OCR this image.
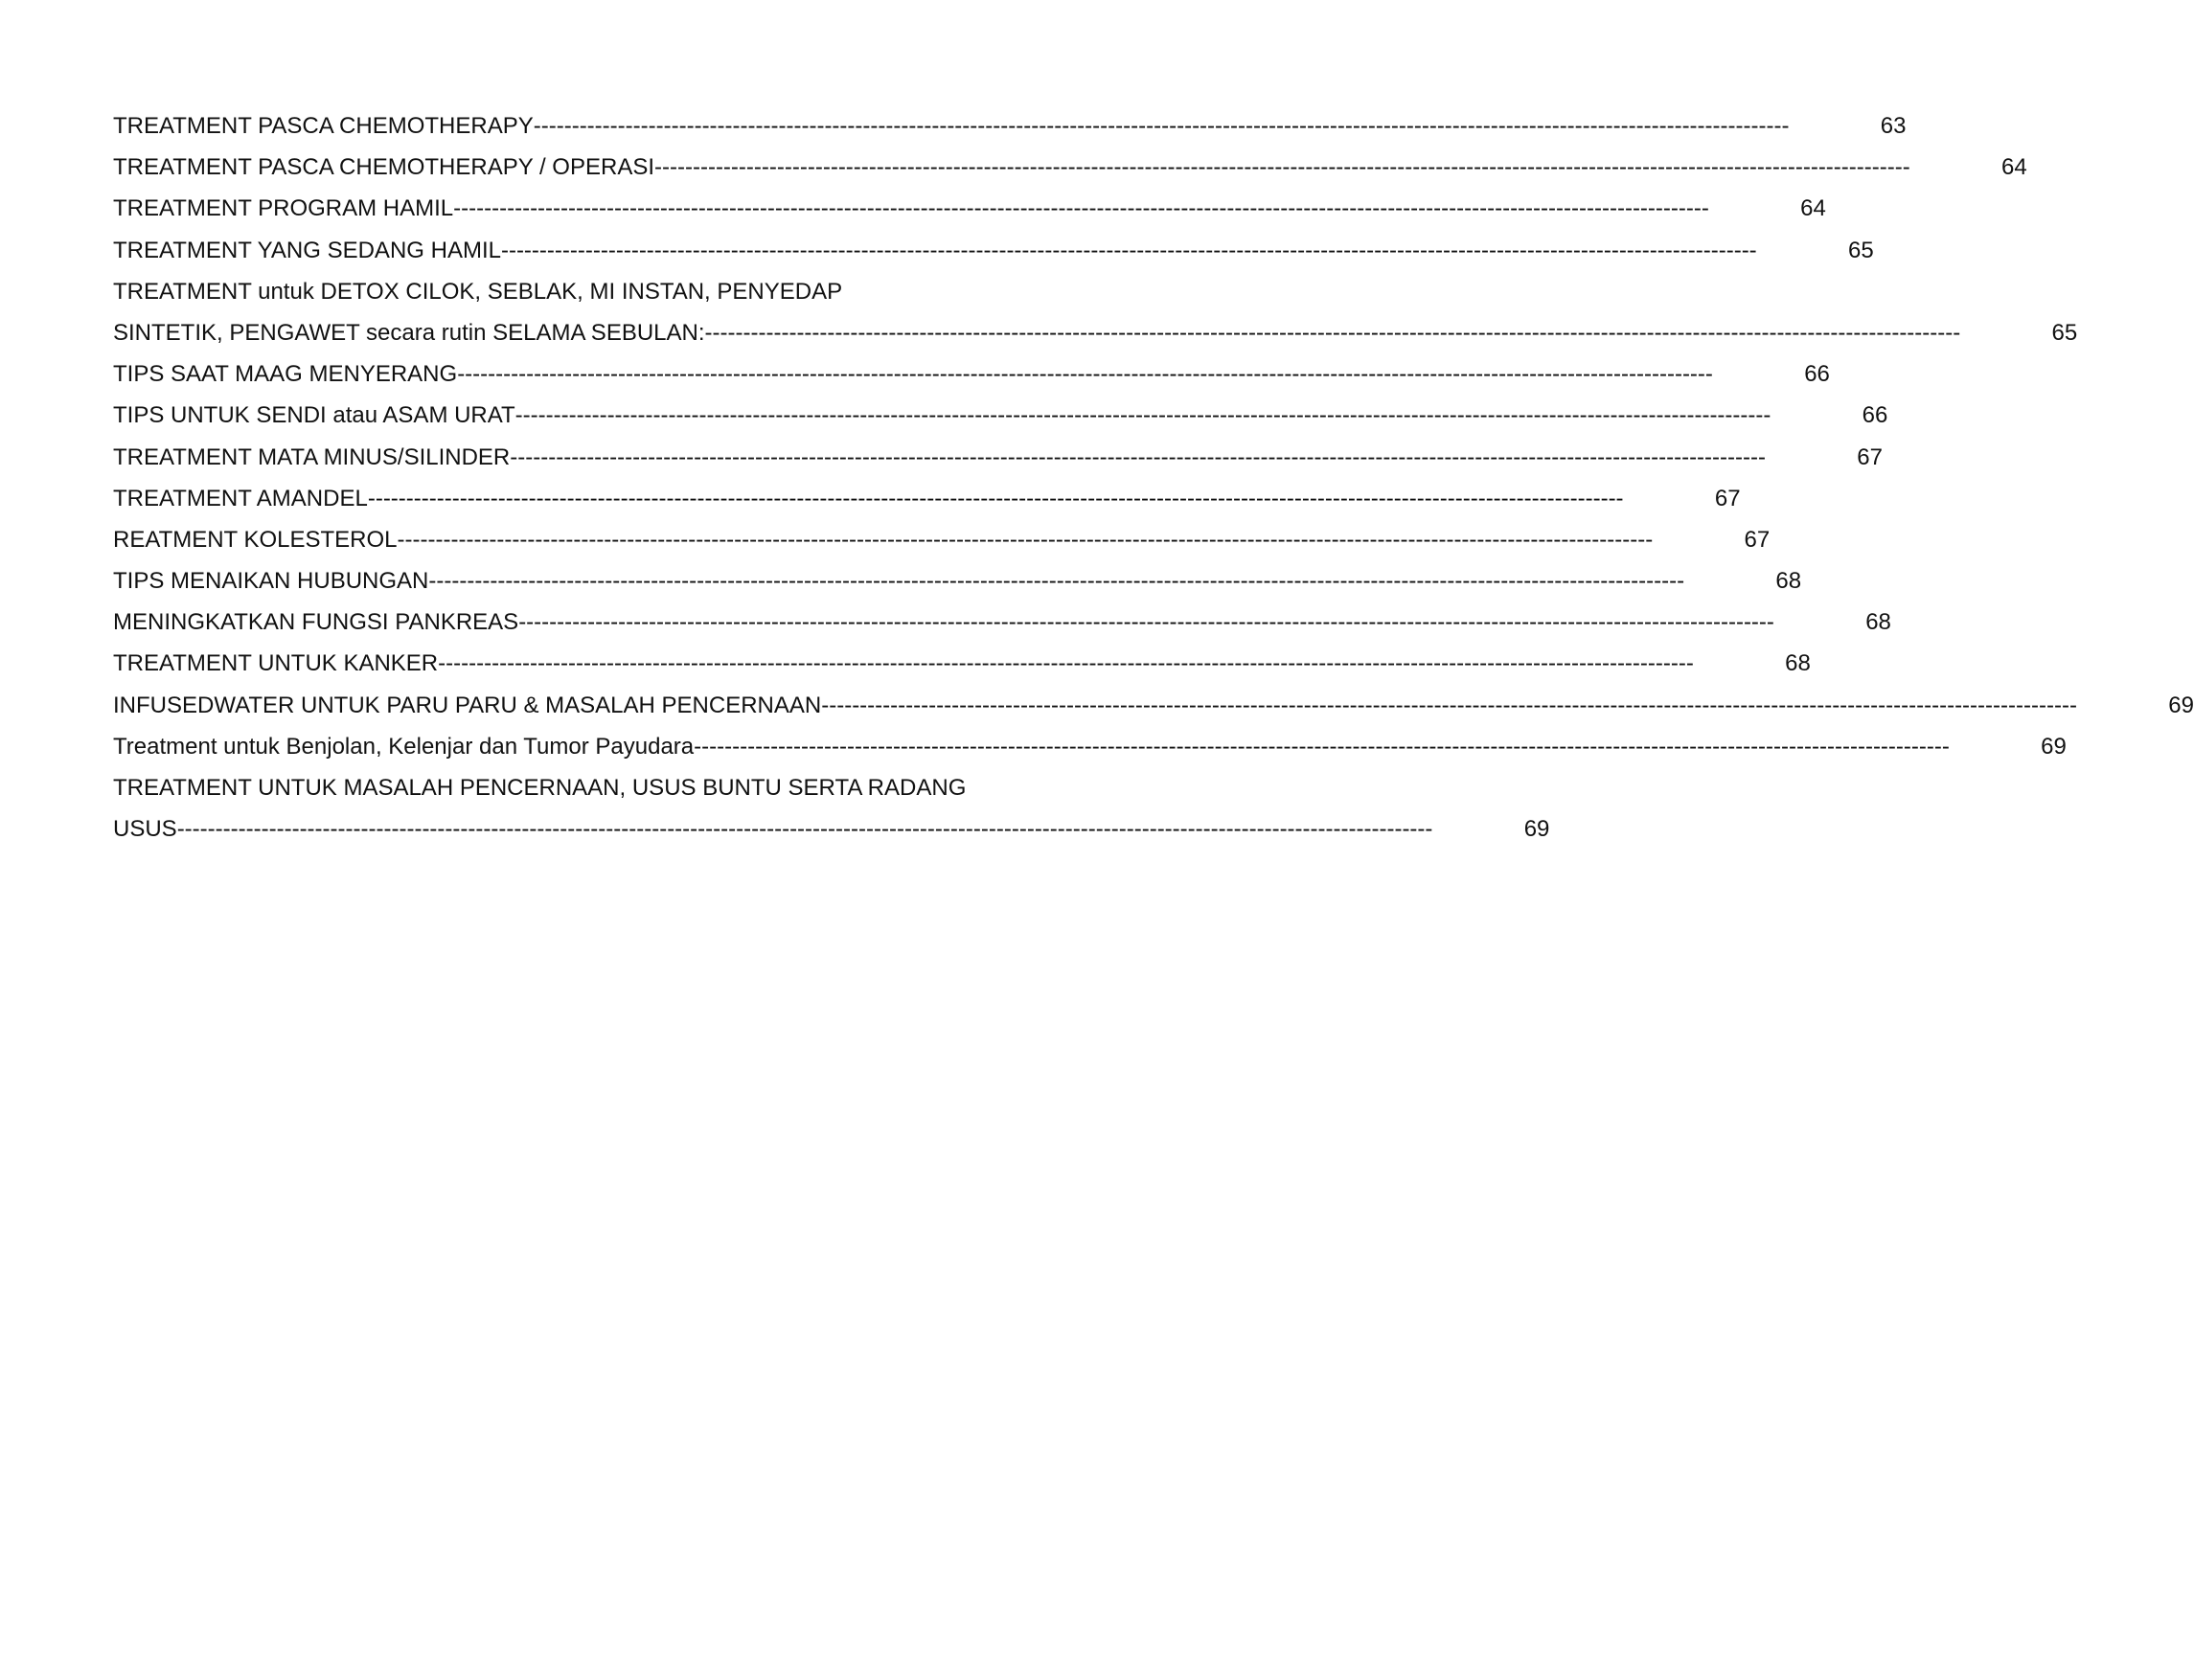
TREATMENT PASCA CHEMOTHERAPY --------------------------------------------------------------------------------------------------------------------------------------------------------------------	63
TREATMENT PASCA CHEMOTHERAPY / OPERASI --------------------------------------------------------------------------------------------------------------------------------------------------------------------	64
TREATMENT PROGRAM HAMIL --------------------------------------------------------------------------------------------------------------------------------------------------------------------	64
TREATMENT YANG SEDANG HAMIL --------------------------------------------------------------------------------------------------------------------------------------------------------------------	65
TREATMENT untuk DETOX CILOK, SEBLAK, MI INSTAN, PENYEDAP
SINTETIK, PENGAWET secara rutin SELAMA SEBULAN: --------------------------------------------------------------------------------------------------------------------------------------------------------------------	65
TIPS SAAT MAAG MENYERANG --------------------------------------------------------------------------------------------------------------------------------------------------------------------	66
TIPS UNTUK SENDI atau ASAM URAT --------------------------------------------------------------------------------------------------------------------------------------------------------------------	66
TREATMENT MATA MINUS/SILINDER --------------------------------------------------------------------------------------------------------------------------------------------------------------------	67
TREATMENT AMANDEL --------------------------------------------------------------------------------------------------------------------------------------------------------------------	67
REATMENT KOLESTEROL --------------------------------------------------------------------------------------------------------------------------------------------------------------------	67
TIPS MENAIKAN HUBUNGAN --------------------------------------------------------------------------------------------------------------------------------------------------------------------	68
MENINGKATKAN FUNGSI PANKREAS --------------------------------------------------------------------------------------------------------------------------------------------------------------------	68
TREATMENT UNTUK KANKER --------------------------------------------------------------------------------------------------------------------------------------------------------------------	68
INFUSEDWATER UNTUK PARU PARU & MASALAH PENCERNAAN --------------------------------------------------------------------------------------------------------------------------------------------------------------------	69
Treatment untuk Benjolan, Kelenjar dan Tumor Payudara --------------------------------------------------------------------------------------------------------------------------------------------------------------------	69
TREATMENT UNTUK MASALAH PENCERNAAN, USUS BUNTU SERTA RADANG
USUS --------------------------------------------------------------------------------------------------------------------------------------------------------------------	69
